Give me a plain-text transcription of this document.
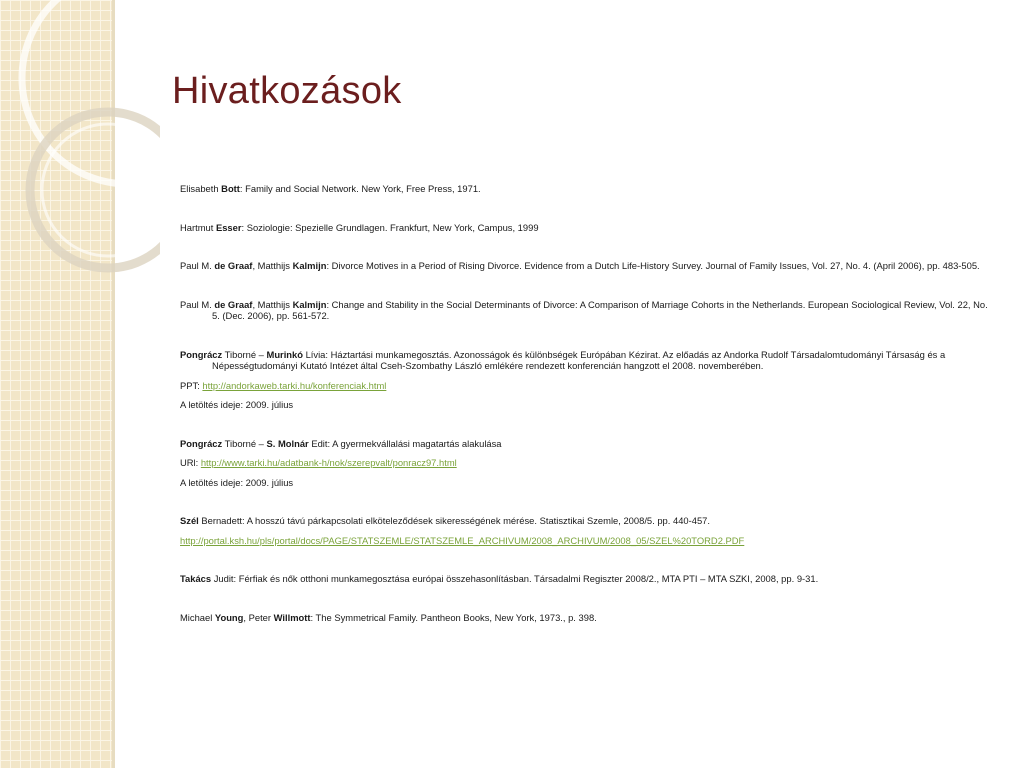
Hivatkozások

Elisabeth Bott: Family and Social Network. New York, Free Press, 1971.

Hartmut Esser: Soziologie: Spezielle Grundlagen. Frankfurt, New York, Campus, 1999

Paul M. de Graaf, Matthijs Kalmijn: Divorce Motives in a Period of Rising Divorce. Evidence from a Dutch Life-History Survey. Journal of Family Issues, Vol. 27, No. 4. (April 2006), pp. 483-505.

Paul M. de Graaf, Matthijs Kalmijn: Change and Stability in the Social Determinants of Divorce: A Comparison of Marriage Cohorts in the Netherlands. European Sociological Review, Vol. 22, No. 5. (Dec. 2006), pp. 561-572.

Pongrácz Tiborné – Murinkó Lívia: Háztartási munkamegosztás. Azonosságok és különbségek Európában Kézirat. Az előadás az Andorka Rudolf Társadalomtudományi Társaság és a Népességtudományi Kutató Intézet által Cseh-Szombathy László emlékére rendezett konferencián hangzott el 2008. novemberében.

PPT: http://andorkaweb.tarki.hu/konferenciak.html

A letöltés ideje: 2009. július

Pongrácz Tiborné – S. Molnár Edit: A gyermekvállalási magatartás alakulása

URl: http://www.tarki.hu/adatbank-h/nok/szerepvalt/ponracz97.html

A letöltés ideje: 2009. július

Szél Bernadett: A hosszú távú párkapcsolati elköteleződések sikerességének mérése. Statisztikai Szemle, 2008/5. pp. 440-457.

http://portal.ksh.hu/pls/portal/docs/PAGE/STATSZEMLE/STATSZEMLE_ARCHIVUM/2008_ARCHIVUM/2008_05/SZEL%20TORD2.PDF

Takács Judit: Férfiak és nők otthoni munkamegosztása európai összehasonlításban. Társadalmi Regiszter 2008/2., MTA PTI – MTA SZKI, 2008, pp. 9-31.

Michael Young, Peter Willmott: The Symmetrical Family. Pantheon Books, New York, 1973., p. 398.
